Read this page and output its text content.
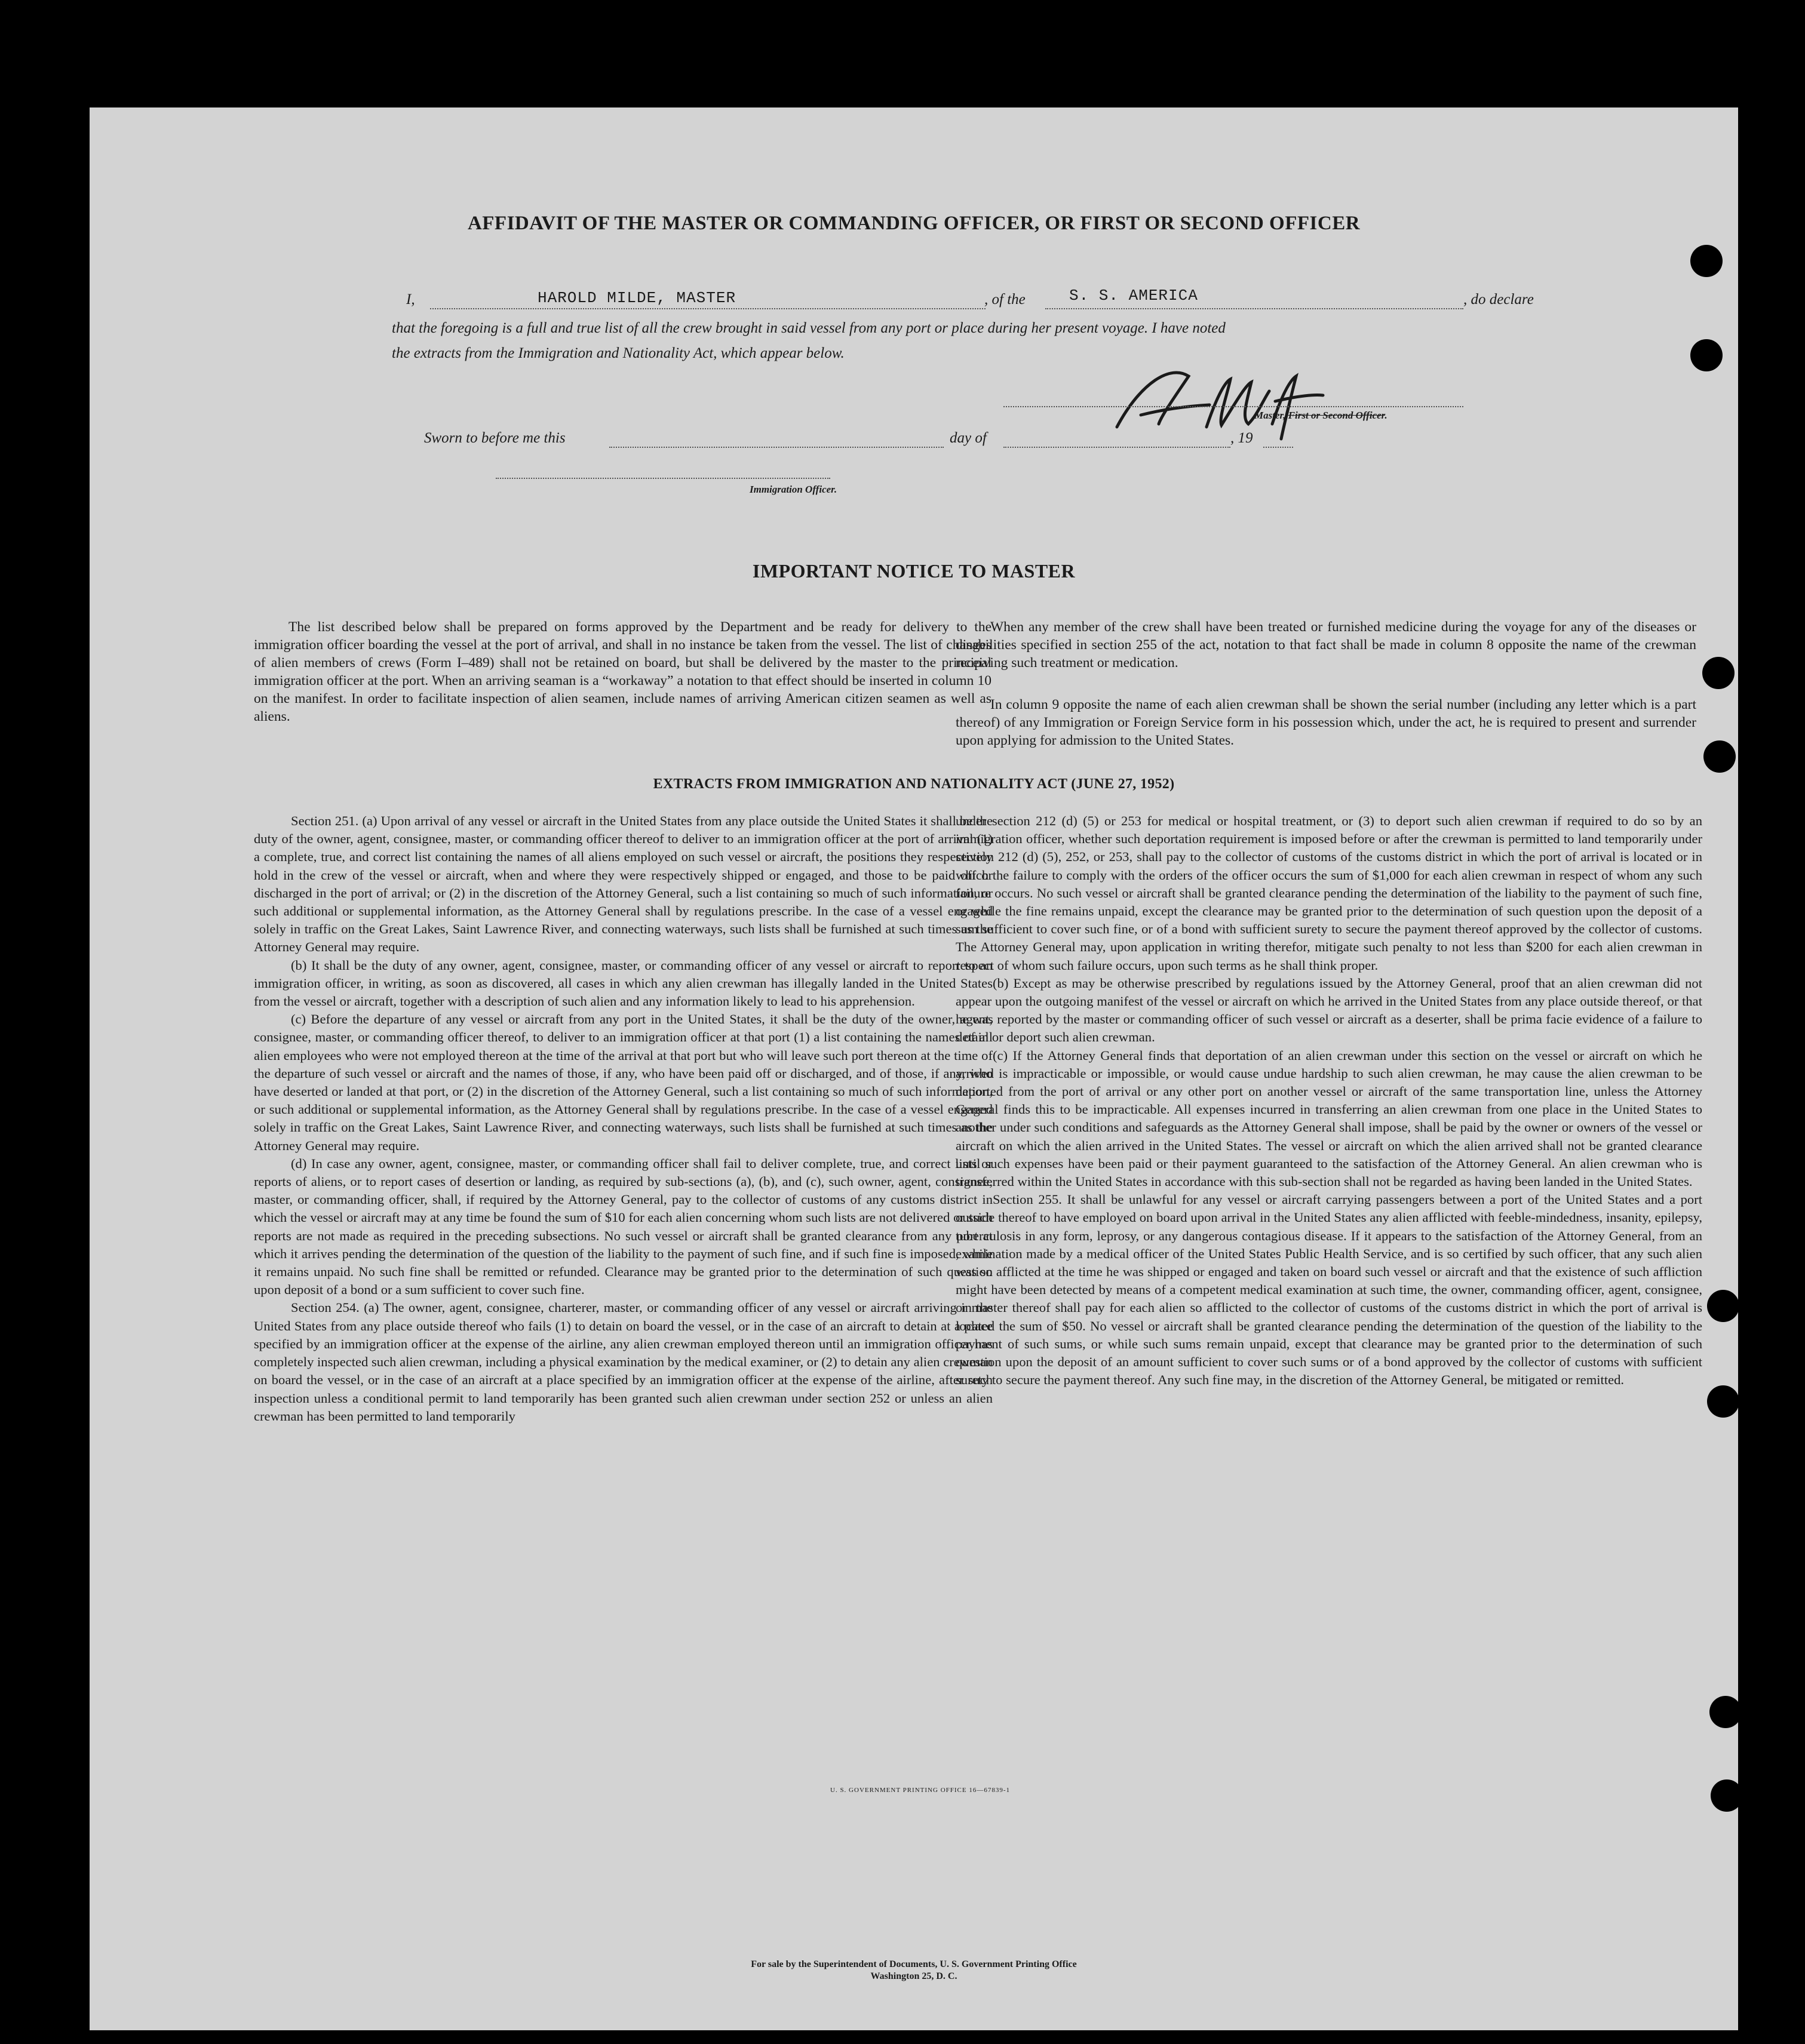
AFFIDAVIT OF THE MASTER OR COMMANDING OFFICER, OR FIRST OR SECOND OFFICER
I,	HAROLD MILDE, MASTER	, of the	S. S. AMERICA	, do declare
that the foregoing is a full and true list of all the crew brought in said vessel from any port or place during her present voyage. I have noted
the extracts from the Immigration and Nationality Act, which appear below.
Master, First or Second Officer.
Sworn to before me this	day of	, 19
Immigration Officer.
IMPORTANT NOTICE TO MASTER

The list described below shall be prepared on forms approved by the Department and be ready for delivery to the immigration officer boarding the vessel at the port of arrival, and shall in no instance be taken from the vessel. The list of changes of alien members of crews (Form I–489) shall not be retained on board, but shall be delivered by the master to the principal immigration officer at the port. When an arriving seaman is a “workaway” a notation to that effect should be inserted in column 10 on the manifest. In order to facilitate inspection of alien seamen, include names of arriving American citizen seamen as well as aliens.

When any member of the crew shall have been treated or furnished medicine during the voyage for any of the diseases or disabilities specified in section 255 of the act, notation to that fact shall be made in column 8 opposite the name of the crewman receiving such treatment or medication.

In column 9 opposite the name of each alien crewman shall be shown the serial number (including any letter which is a part thereof) of any Immigration or Foreign Service form in his possession which, under the act, he is required to present and surrender upon applying for admission to the United States.

EXTRACTS FROM IMMIGRATION AND NATIONALITY ACT (JUNE 27, 1952)

Section 251. (a) Upon arrival of any vessel or aircraft in the United States from any place outside the United States it shall be the duty of the owner, agent, consignee, master, or commanding officer thereof to deliver to an immigration officer at the port of arrival (1) a complete, true, and correct list containing the names of all aliens employed on such vessel or aircraft, the positions they respectively hold in the crew of the vessel or aircraft, when and where they were respectively shipped or engaged, and those to be paid off or discharged in the port of arrival; or (2) in the discretion of the Attorney General, such a list containing so much of such information, or such additional or supplemental information, as the Attorney General shall by regulations prescribe. In the case of a vessel engaged solely in traffic on the Great Lakes, Saint Lawrence River, and connecting waterways, such lists shall be furnished at such times as the Attorney General may require.

(b) It shall be the duty of any owner, agent, consignee, master, or commanding officer of any vessel or aircraft to report to an immigration officer, in writing, as soon as discovered, all cases in which any alien crewman has illegally landed in the United States from the vessel or aircraft, together with a description of such alien and any information likely to lead to his apprehension.

(c) Before the departure of any vessel or aircraft from any port in the United States, it shall be the duty of the owner, agent, consignee, master, or commanding officer thereof, to deliver to an immigration officer at that port (1) a list containing the names of all alien employees who were not employed thereon at the time of the arrival at that port but who will leave such port thereon at the time of the departure of such vessel or aircraft and the names of those, if any, who have been paid off or discharged, and of those, if any, who have deserted or landed at that port, or (2) in the discretion of the Attorney General, such a list containing so much of such information, or such additional or supplemental information, as the Attorney General shall by regulations prescribe. In the case of a vessel engaged solely in traffic on the Great Lakes, Saint Lawrence River, and connecting waterways, such lists shall be furnished at such times as the Attorney General may require.

(d) In case any owner, agent, consignee, master, or commanding officer shall fail to deliver complete, true, and correct lists or reports of aliens, or to report cases of desertion or landing, as required by sub-sections (a), (b), and (c), such owner, agent, consignee, master, or commanding officer, shall, if required by the Attorney General, pay to the collector of customs of any customs district in which the vessel or aircraft may at any time be found the sum of $10 for each alien concerning whom such lists are not delivered or such reports are not made as required in the preceding subsections. No such vessel or aircraft shall be granted clearance from any port at which it arrives pending the determination of the question of the liability to the payment of such fine, and if such fine is imposed, while it remains unpaid. No such fine shall be remitted or refunded. Clearance may be granted prior to the determination of such question upon deposit of a bond or a sum sufficient to cover such fine.

Section 254. (a) The owner, agent, consignee, charterer, master, or commanding officer of any vessel or aircraft arriving in the United States from any place outside thereof who fails (1) to detain on board the vessel, or in the case of an aircraft to detain at a place specified by an immigration officer at the expense of the airline, any alien crewman employed thereon until an immigration officer has completely inspected such alien crewman, including a physical examination by the medical examiner, or (2) to detain any alien crewman on board the vessel, or in the case of an aircraft at a place specified by an immigration officer at the expense of the airline, after such inspection unless a conditional permit to land temporarily has been granted such alien crewman under section 252 or unless an alien crewman has been permitted to land temporarily

under section 212 (d) (5) or 253 for medical or hospital treatment, or (3) to deport such alien crewman if required to do so by an immigration officer, whether such deportation requirement is imposed before or after the crewman is permitted to land temporarily under section 212 (d) (5), 252, or 253, shall pay to the collector of customs of the customs district in which the port of arrival is located or in which the failure to comply with the orders of the officer occurs the sum of $1,000 for each alien crewman in respect of whom any such failure occurs. No such vessel or aircraft shall be granted clearance pending the determination of the liability to the payment of such fine, or while the fine remains unpaid, except the clearance may be granted prior to the determination of such question upon the deposit of a sum sufficient to cover such fine, or of a bond with sufficient surety to secure the payment thereof approved by the collector of customs. The Attorney General may, upon application in writing therefor, mitigate such penalty to not less than $200 for each alien crewman in respect of whom such failure occurs, upon such terms as he shall think proper.

(b) Except as may be otherwise prescribed by regulations issued by the Attorney General, proof that an alien crewman did not appear upon the outgoing manifest of the vessel or aircraft on which he arrived in the United States from any place outside thereof, or that he was reported by the master or commanding officer of such vessel or aircraft as a deserter, shall be prima facie evidence of a failure to detain or deport such alien crewman.

(c) If the Attorney General finds that deportation of an alien crewman under this section on the vessel or aircraft on which he arrived is impracticable or impossible, or would cause undue hardship to such alien crewman, he may cause the alien crewman to be deported from the port of arrival or any other port on another vessel or aircraft of the same transportation line, unless the Attorney General finds this to be impracticable. All expenses incurred in transferring an alien crewman from one place in the United States to another under such conditions and safeguards as the Attorney General shall impose, shall be paid by the owner or owners of the vessel or aircraft on which the alien arrived in the United States. The vessel or aircraft on which the alien arrived shall not be granted clearance until such expenses have been paid or their payment guaranteed to the satisfaction of the Attorney General. An alien crewman who is transferred within the United States in accordance with this sub-section shall not be regarded as having been landed in the United States.

Section 255. It shall be unlawful for any vessel or aircraft carrying passengers between a port of the United States and a port outside thereof to have employed on board upon arrival in the United States any alien afflicted with feeble-mindedness, insanity, epilepsy, tuberculosis in any form, leprosy, or any dangerous contagious disease. If it appears to the satisfaction of the Attorney General, from an examination made by a medical officer of the United States Public Health Service, and is so certified by such officer, that any such alien was so afflicted at the time he was shipped or engaged and taken on board such vessel or aircraft and that the existence of such affliction might have been detected by means of a competent medical examination at such time, the owner, commanding officer, agent, consignee, or master thereof shall pay for each alien so afflicted to the collector of customs of the customs district in which the port of arrival is located the sum of $50. No vessel or aircraft shall be granted clearance pending the determination of the question of the liability to the payment of such sums, or while such sums remain unpaid, except that clearance may be granted prior to the determination of such question upon the deposit of an amount sufficient to cover such sums or of a bond approved by the collector of customs with sufficient surety to secure the payment thereof. Any such fine may, in the discretion of the Attorney General, be mitigated or remitted.

U. S. GOVERNMENT PRINTING OFFICE 16—67839-1
For sale by the Superintendent of Documents, U. S. Government Printing Office
Washington 25, D. C.
